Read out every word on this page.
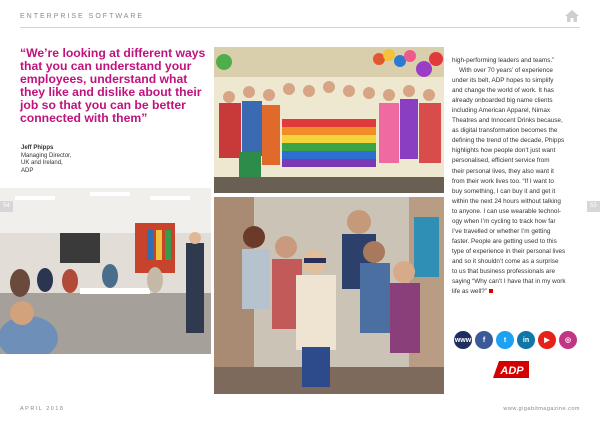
ENTERPRISE SOFTWARE

“We’re looking at different ways that you can understand your employees, understand what they like and dislike about their job so that you can be better connected with them”

Jeff Phipps
Managing Director,
UK and Ireland,
ADP
54	55

high-performing leaders and teams.”
With over 70 years’ of experience
under its belt, ADP hopes to simplify
and change the world of work. It has
already onboarded big name clients
including American Apparel, Nimax
Theatres and Innocent Drinks because,
as digital transformation becomes the
defining the trend of the decade, Phipps
highlights how people don’t just want
personalised, efficient service from
their personal lives, they also want it
from their work lives too. “If I want to
buy something, I can buy it and get it
within the next 24 hours without talking
to anyone. I can use wearable technol-
ogy when I’m cycling to track how far
I’ve travelled or whether I’m getting
faster. People are getting used to this
type of experience in their personal lives
and so it shouldn’t come as a surprise
to us that business professionals are
saying “Why can’t I have that in my work
life as well?”

www	f	t	in	▶	◎
ADP
APRIL 2018	www.gigabitmagazine.com
